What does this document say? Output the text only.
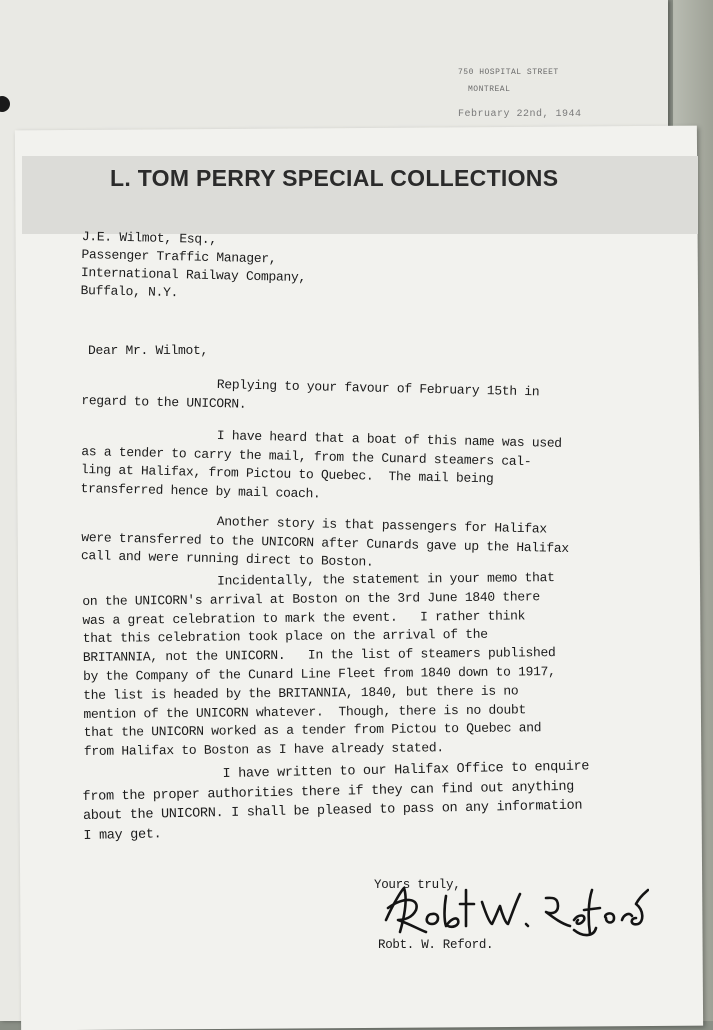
750 HOSPITAL STREET
MONTREAL
February 22nd, 1944
L. TOM PERRY SPECIAL COLLECTIONS
J.E. Wilmot, Esq.,
Passenger Traffic Manager,
International Railway Company,
Buffalo, N.Y.
Dear Mr. Wilmot,
Replying to your favour of February 15th in
regard to the UNICORN.
I have heard that a boat of this name was used
as a tender to carry the mail, from the Cunard steamers cal-
ling at Halifax, from Pictou to Quebec.  The mail being
transferred hence by mail coach.
Another story is that passengers for Halifax
were transferred to the UNICORN after Cunards gave up the Halifax
call and were running direct to Boston.
Incidentally, the statement in your memo that
on the UNICORN's arrival at Boston on the 3rd June 1840 there
was a great celebration to mark the event.   I rather think
that this celebration took place on the arrival of the
BRITANNIA, not the UNICORN.   In the list of steamers published
by the Company of the Cunard Line Fleet from 1840 down to 1917,
the list is headed by the BRITANNIA, 1840, but there is no
mention of the UNICORN whatever.  Though, there is no doubt
that the UNICORN worked as a tender from Pictou to Quebec and
from Halifax to Boston as I have already stated.
I have written to our Halifax Office to enquire
from the proper authorities there if they can find out anything
about the UNICORN. I shall be pleased to pass on any information
I may get.
Yours truly,
Robt. W. Reford.
